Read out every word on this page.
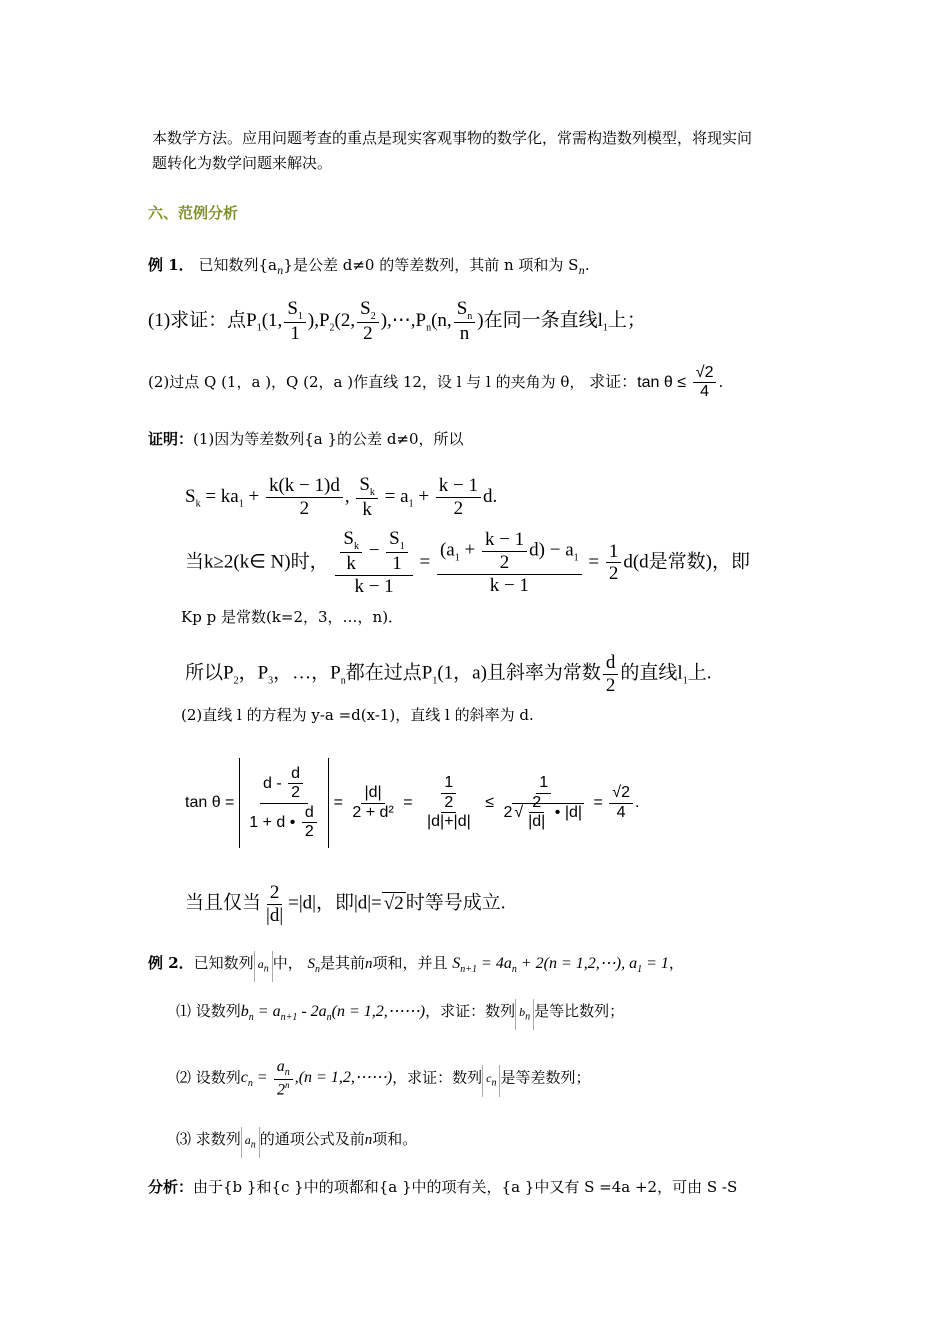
本数学方法。应用问题考查的重点是现实客观事物的数学化，常需构造数列模型，将现实问
题转化为数学问题来解决。
六、范例分析
例 1． 已知数列$\{a_n\}$是公差 d≠0 的等差数列，其前 n 项和为 $S_n$.
(1)求证：点$P_1(1$, $\frac{S_1}{1} ),P_2(2$, $\frac{S_2}{2}$ )$,\cdots,P_n(n$, $\frac{S_n}{n}$ )在同一条直线$l_1$上；
(2)过点 Q (1，a )，Q (2，a )作直线 12，设 l 与 l 的夹角为 θ， 求证：$\tan \theta \le \frac{√2}{4}$ .
证明：(1)因为等差数列{a }的公差 d≠0，所以
$S_k = ka_1 + \frac{k(k - 1)d}{2}$ , $\frac{S_k}{k} = a_1 + \frac{k - 1}{2} d$.
当k≥2(k∈ N)时， $\frac{\frac{S_k}{k} - \frac{S_1}{1}}{k - 1} = \frac{(a_1 + \frac{k - 1}{2} d) - a_1}{k - 1} = \frac{1}{2} d(d$是常数)，即
Kp p 是常数(k=2，3，…，n)．
所以$P_2$，$P_3$，…，$P_n$都在过点$P_1(1$，a)且斜率为常数 $\frac{d}{2}$ 的直线$l_1$上.
(2)直线 l 的方程为 y-a =d(x-1)，直线 l 的斜率为 d.
$\tan \theta = \frac{d - \frac{d}{2}}{1 + d • \frac{d}{2}} = \frac{|d|}{\text{2 + d²}} = \frac{1}{\frac{2}{|d|+|d|}} \le \frac{1}{2 √ \frac{2}{|d|} • |d|} = \frac{√2}{4}$ .
当且仅当 $\frac{2}{|d|} =|d|$，即|d|= √2 时等号成立.
例 2．已知数列 $a_n$ 中， $S_n$是其前n项和，并且 $S_{n+1} = 4a_n + 2(n$ = 1,2,⋯), $a_1 = 1$，
⑴ 设数列$b_n = a_{n+1} - 2a_n(n$ = 1,2,⋯⋯)，求证：数列 $b_n$ 是等比数列；
⑵ 设数列$c_n = \frac{a_n}{2^n} ,(n$ = 1,2,⋯⋯)，求证：数列 $c_n$ 是等差数列；
⑶ 求数列 $a_n$ 的通项公式及前n项和。
分析：由于{b }和{c }中的项都和{a }中的项有关，{a }中又有 S =4a +2，可由 S -S
